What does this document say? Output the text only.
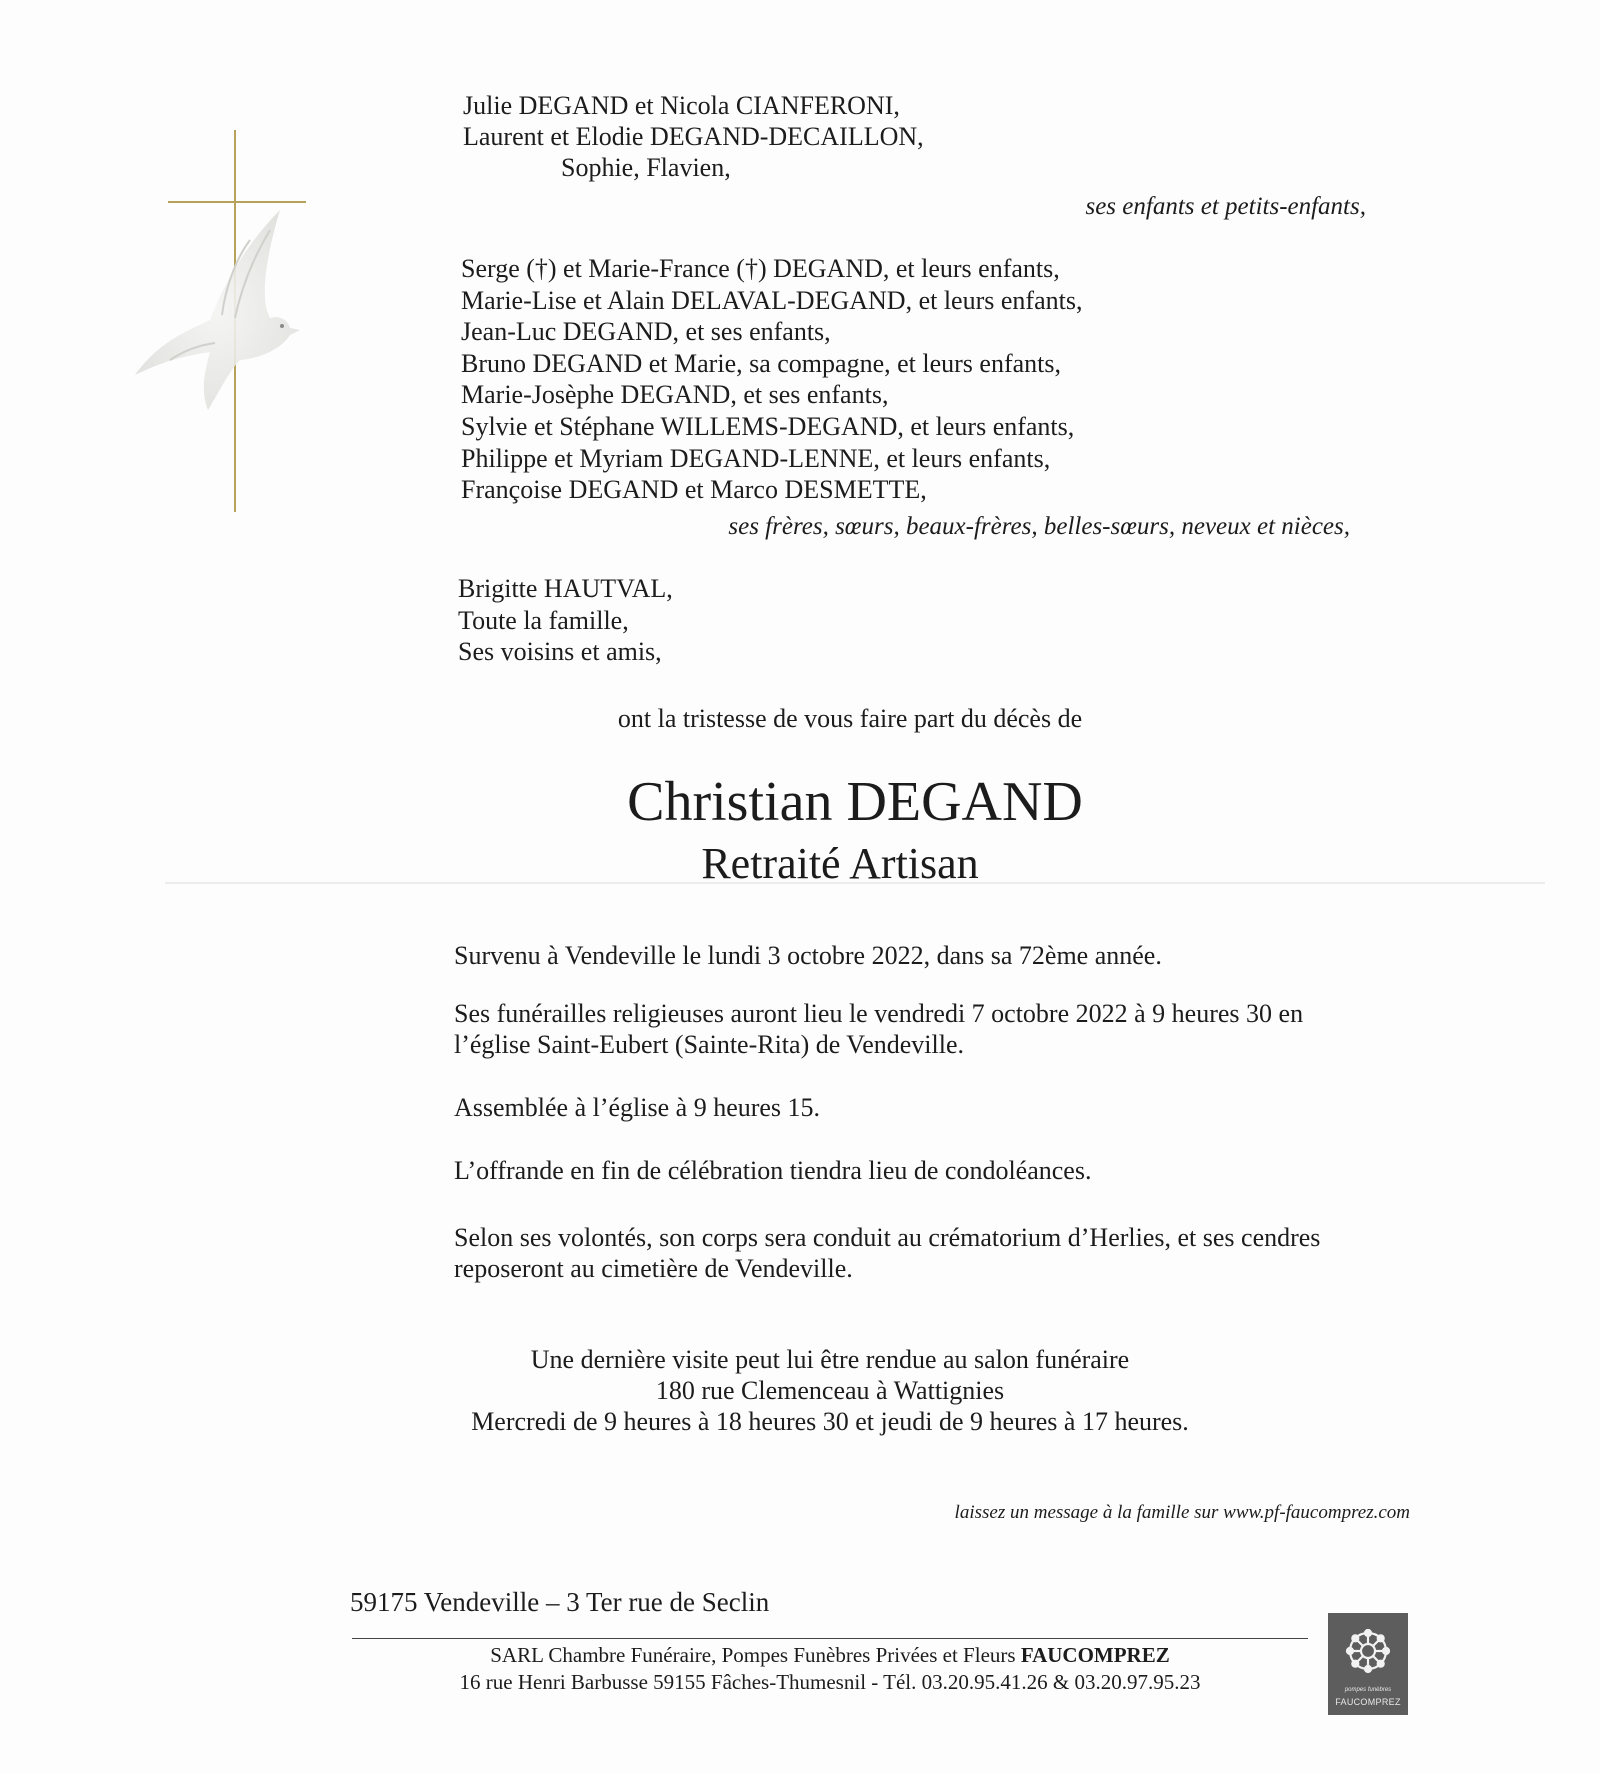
Julie DEGAND et Nicola CIANFERONI,
Laurent et Elodie DEGAND-DECAILLON,
Sophie, Flavien,
ses enfants et petits-enfants,
Serge (†) et Marie-France (†) DEGAND, et leurs enfants,
Marie-Lise et Alain DELAVAL-DEGAND, et leurs enfants,
Jean-Luc DEGAND, et ses enfants,
Bruno DEGAND et Marie, sa compagne, et leurs enfants,
Marie-Josèphe DEGAND, et ses enfants,
Sylvie et Stéphane WILLEMS-DEGAND, et leurs enfants,
Philippe et Myriam DEGAND-LENNE, et leurs enfants,
Françoise DEGAND et Marco DESMETTE,
ses frères, sœurs, beaux-frères, belles-sœurs, neveux et nièces,
Brigitte HAUTVAL,
Toute la famille,
Ses voisins et amis,
ont la tristesse de vous faire part du décès de
Christian DEGAND
Retraité Artisan
Survenu à Vendeville le lundi 3 octobre 2022, dans sa 72ème année.
Ses funérailles religieuses auront lieu le vendredi 7 octobre 2022 à 9 heures 30 en
l’église Saint-Eubert (Sainte-Rita) de Vendeville.
Assemblée à l’église à 9 heures 15.
L’offrande en fin de célébration tiendra lieu de condoléances.
Selon ses volontés, son corps sera conduit au crématorium d’Herlies, et ses cendres
reposeront au cimetière de Vendeville.
Une dernière visite peut lui être rendue au salon funéraire
180 rue Clemenceau à Wattignies
Mercredi de 9 heures à 18 heures 30 et jeudi de 9 heures à 17 heures.
laissez un message à la famille sur www.pf-faucomprez.com
59175 Vendeville – 3 Ter rue de Seclin
SARL Chambre Funéraire, Pompes Funèbres Privées et Fleurs FAUCOMPREZ
16 rue Henri Barbusse 59155 Fâches-Thumesnil - Tél. 03.20.95.41.26 & 03.20.97.95.23	pompes funèbres
FAUCOMPREZ
